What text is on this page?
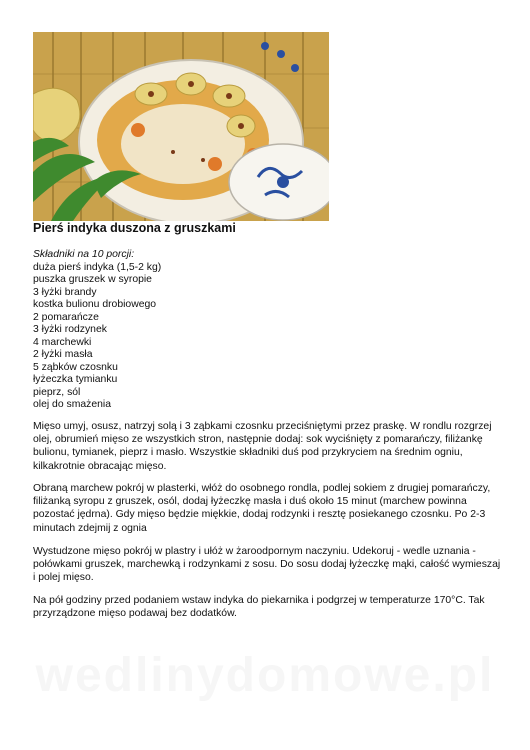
Pierś indyka duszona z gruszkami
Składniki na 10 porcji:
duża pierś indyka (1,5-2 kg)
puszka gruszek w syropie
3 łyżki brandy
kostka bulionu drobiowego
2 pomarańcze
3 łyżki rodzynek
4 marchewki
2 łyżki masła
5 ząbków czosnku
łyżeczka tymianku
pieprz, sól
olej do smażenia

Mięso umyj, osusz, natrzyj solą i 3 ząbkami czosnku przeciśniętymi przez praskę. W rondlu rozgrzej olej, obrumień mięso ze wszystkich stron, następnie dodaj: sok wyciśnięty z pomarańczy, filiżankę bulionu, tymianek, pieprz i masło. Wszystkie składniki duś pod przykryciem na średnim ogniu, kilkakrotnie obracając mięso.

Obraną marchew pokrój w plasterki, włóż do osobnego rondla, podlej sokiem z drugiej pomarańczy, filiżanką syropu z gruszek, osól, dodaj łyżeczkę masła i duś około 15 minut (marchew powinna pozostać jędrna). Gdy mięso będzie miękkie, dodaj rodzynki i resztę posiekanego czosnku. Po 2-3 minutach zdejmij z ognia

Wystudzone mięso pokrój w plastry i ułóż w żaroodpornym naczyniu. Udekoruj - wedle uznania -połówkami gruszek, marchewką i rodzynkami z sosu. Do sosu dodaj łyżeczkę mąki, całość wymieszaj i polej mięso.

Na pół godziny przed podaniem wstaw indyka do piekarnika i podgrzej w temperaturze 170°C. Tak przyrządzone mięso podawaj bez dodatków.

wedlinydomowe.pl
